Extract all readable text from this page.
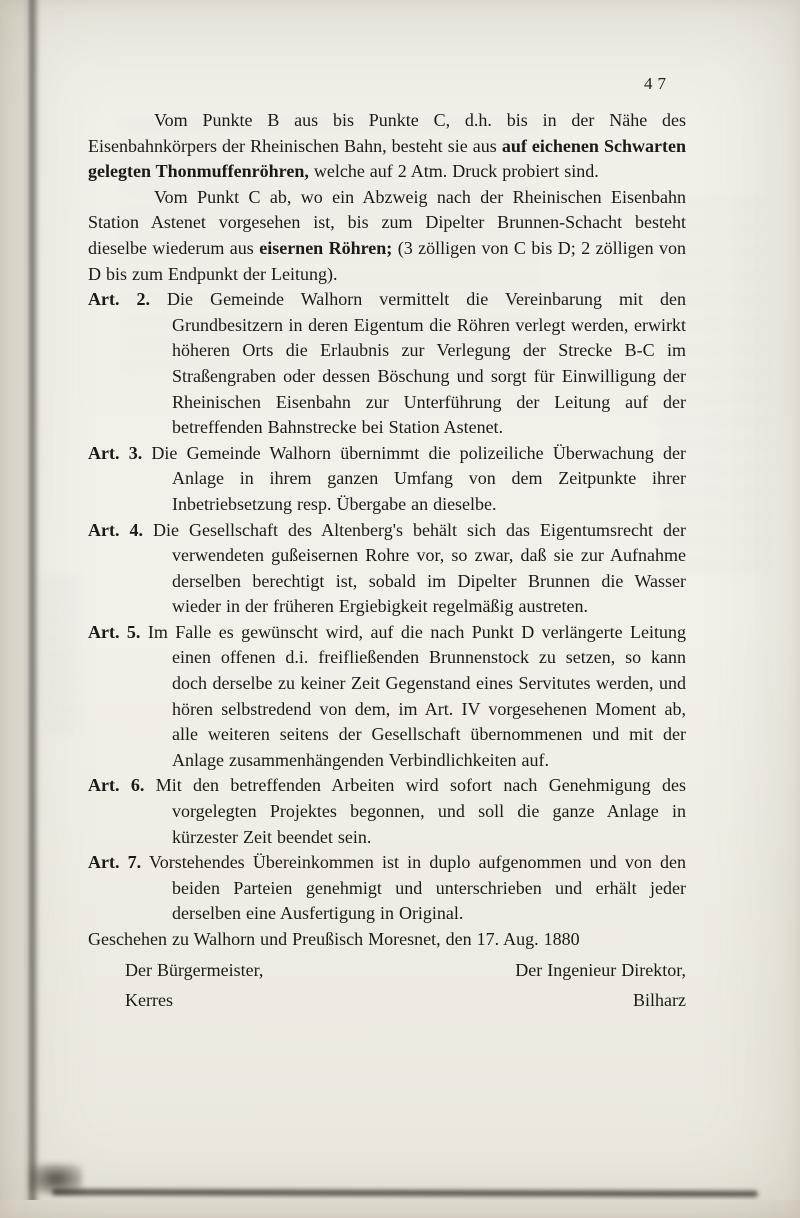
47

Vom Punkte B aus bis Punkte C, d.h. bis in der Nähe des Eisenbahnkörpers der Rheinischen Bahn, besteht sie aus auf eichenen Schwarten gelegten Thonmuffenröhren, welche auf 2 Atm. Druck probiert sind.

Vom Punkt C ab, wo ein Abzweig nach der Rheinischen Eisenbahn Station Astenet vorgesehen ist, bis zum Dipelter Brunnen-Schacht besteht dieselbe wiederum aus eisernen Röhren; (3 zölligen von C bis D; 2 zölligen von D bis zum Endpunkt der Leitung).

Art. 2. Die Gemeinde Walhorn vermittelt die Vereinbarung mit den Grundbesitzern in deren Eigentum die Röhren verlegt werden, erwirkt höheren Orts die Erlaubnis zur Verlegung der Strecke B-C im Straßengraben oder dessen Böschung und sorgt für Einwilligung der Rheinischen Eisenbahn zur Unterführung der Leitung auf der betreffenden Bahnstrecke bei Station Astenet.

Art. 3. Die Gemeinde Walhorn übernimmt die polizeiliche Überwachung der Anlage in ihrem ganzen Umfang von dem Zeitpunkte ihrer Inbetriebsetzung resp. Übergabe an dieselbe.

Art. 4. Die Gesellschaft des Altenberg's behält sich das Eigentumsrecht der verwendeten gußeisernen Rohre vor, so zwar, daß sie zur Aufnahme derselben berechtigt ist, sobald im Dipelter Brunnen die Wasser wieder in der früheren Ergiebigkeit regelmäßig austreten.

Art. 5. Im Falle es gewünscht wird, auf die nach Punkt D verlängerte Leitung einen offenen d.i. freifließenden Brunnenstock zu setzen, so kann doch derselbe zu keiner Zeit Gegenstand eines Servitutes werden, und hören selbstredend von dem, im Art. IV vorgesehenen Moment ab, alle weiteren seitens der Gesellschaft übernommenen und mit der Anlage zusammenhängenden Verbindlichkeiten auf.

Art. 6. Mit den betreffenden Arbeiten wird sofort nach Genehmigung des vorgelegten Projektes begonnen, und soll die ganze Anlage in kürzester Zeit beendet sein.

Art. 7. Vorstehendes Übereinkommen ist in duplo aufgenommen und von den beiden Parteien genehmigt und unterschrieben und erhält jeder derselben eine Ausfertigung in Original.

Geschehen zu Walhorn und Preußisch Moresnet, den 17. Aug. 1880

Der Bürgermeister,	Der Ingenieur Direktor,
Kerres	Bilharz
